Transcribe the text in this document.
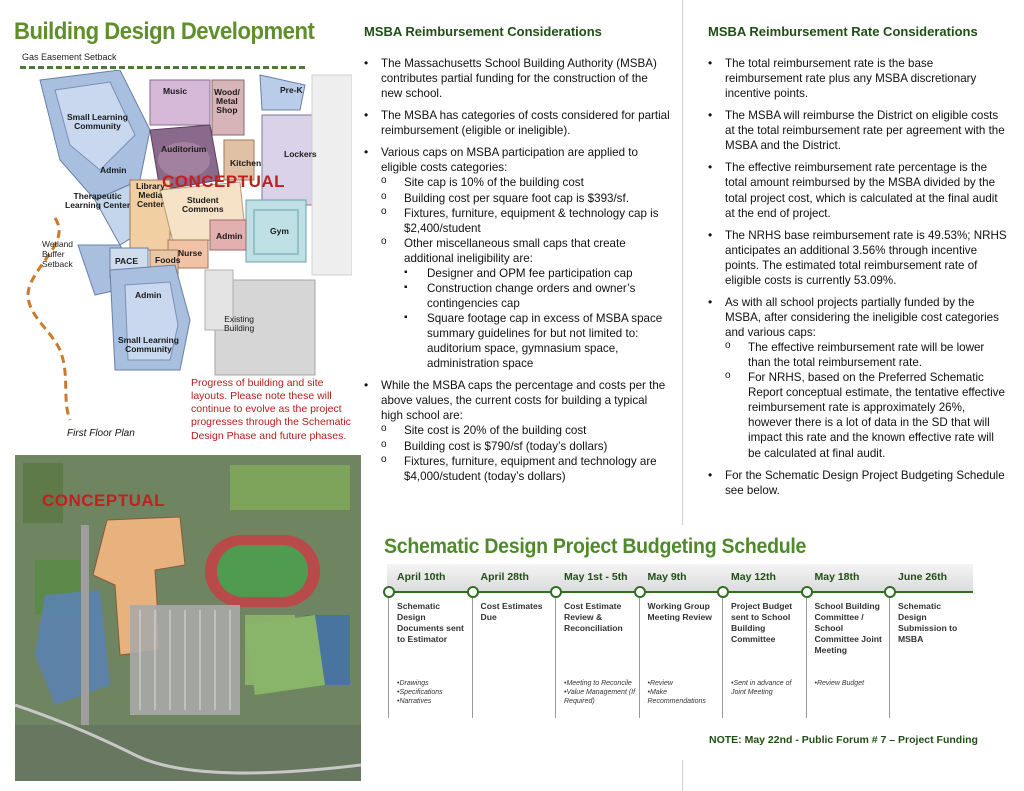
Building Design Development
Gas Easement Setback
Music	Wood/
Metal
Shop
Pre-K
Small Learning
Community
Auditorium
Kitchen
Lockers
Admin
Library
Media
Center
Therapeutic
Learning Center	Student
Commons
Gym
Admin
Nurse
PACE Foods
Admin
Small Learning
Community
Existing
Building
Wetland
Buffer
Setback
CONCEPTUAL
Progress of building and site layouts. Please note these will continue to evolve as the project progresses through the Schematic Design Phase and future phases.
First Floor Plan
CONCEPTUAL
MSBA Reimbursement Considerations
• The Massachusetts School Building Authority (MSBA) contributes partial funding for the construction of the new school.
• The MSBA has categories of costs considered for partial reimbursement (eligible or ineligible).
• Various caps on MSBA participation are applied to eligible costs categories:
o Site cap is 10% of the building cost
o Building cost per square foot cap is $393/sf.
o Fixtures, furniture, equipment & technology cap is $2,400/student
o Other miscellaneous small caps that create additional ineligibility are:
▪ Designer and OPM fee participation cap
▪ Construction change orders and owner’s contingencies cap
▪ Square footage cap in excess of MSBA space summary guidelines for but not limited to: auditorium space, gymnasium space, administration space
• While the MSBA caps the percentage and costs per the above values, the current costs for building a typical high school are:
o Site cost is 20% of the building cost
o Building cost is $790/sf (today’s dollars)
o Fixtures, furniture, equipment and technology are $4,000/student (today’s dollars)
MSBA Reimbursement Rate Considerations
• The total reimbursement rate is the base reimbursement rate plus any MSBA discretionary incentive points.
• The MSBA will reimburse the District on eligible costs at the total reimbursement rate per agreement with the MSBA and the District.
• The effective reimbursement rate percentage is the total amount reimbursed by the MSBA divided by the total project cost, which is calculated at the final audit at the end of project.
• The NRHS base reimbursement rate is 49.53%; NRHS anticipates an additional 3.56% through incentive points. The estimated total reimbursement rate of eligible costs is currently 53.09%.
• As with all school projects partially funded by the MSBA, after considering the ineligible cost categories and various caps:
o The effective reimbursement rate will be lower than the total reimbursement rate.
o For NRHS, based on the Preferred Schematic Report conceptual estimate, the tentative effective reimbursement rate is approximately 26%, however there is a lot of data in the SD that will impact this rate and the known effective rate will be calculated at final audit.
• For the Schematic Design Project Budgeting Schedule see below.
Schematic Design Project Budgeting Schedule
April 10th
Schematic Design Documents sent to Estimator
• Drawings
• Specifications
• Narratives
April 28th
Cost Estimates Due
May 1st - 5th
Cost Estimate Review & Reconciliation
• Meeting to Reconcile
• Value Management (If Required)
May 9th
Working Group Meeting Review
• Review
• Make Recommendations
May 12th
Project Budget sent to School Building Committee
• Sent in advance of Joint Meeting
May 18th
School Building Committee / School Committee Joint Meeting
• Review Budget
June 26th
Schematic Design Submission to MSBA
NOTE: May 22nd - Public Forum # 7 – Project Funding
